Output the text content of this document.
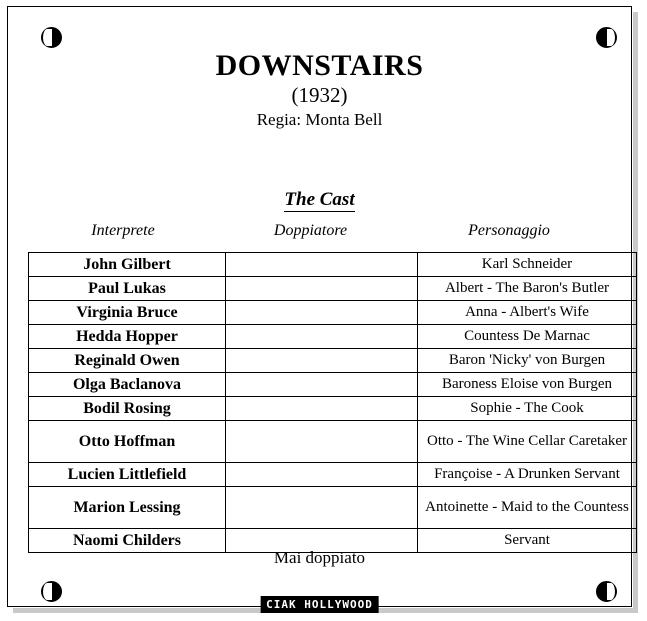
DOWNSTAIRS
(1932)
Regia: Monta Bell
The Cast
Interprete	Doppiatore	Personaggio
John Gilbert		Karl Schneider
Paul Lukas		Albert - The Baron's Butler
Virginia Bruce		Anna - Albert's Wife
Hedda Hopper		Countess De Marnac
Reginald Owen		Baron 'Nicky' von Burgen
Olga Baclanova		Baroness Eloise von Burgen
Bodil Rosing		Sophie - The Cook
Otto Hoffman		Otto - The Wine Cellar Caretaker
Lucien Littlefield		Françoise - A Drunken Servant
Marion Lessing		Antoinette - Maid to the Countess
Naomi Childers		Servant
Mai doppiato
CIAK HOLLYWOOD
